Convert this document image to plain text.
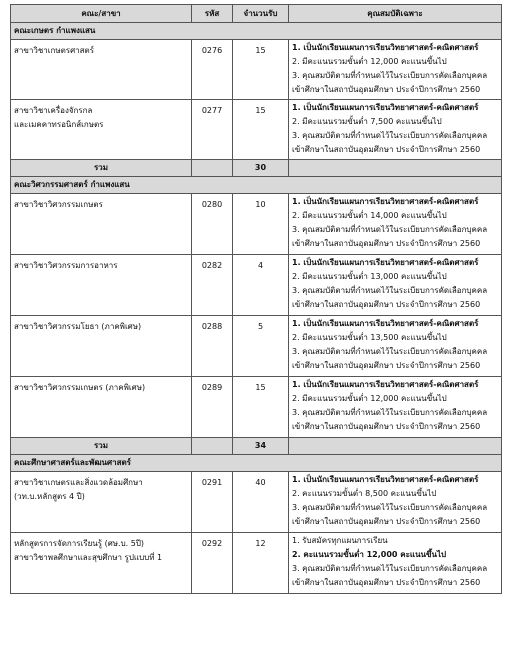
คณะ/สาขา	รหัส	จำนวนรับ	คุณสมบัติเฉพาะ
คณะเกษตร กำแพงแสน			

สาขาวิชาเกษตรศาสตร์	0276	15	1. เป็นนักเรียนแผนการเรียนวิทยาศาสตร์-คณิตศาสตร์
2. มีคะแนนรวมขั้นต่ำ 12,000 คะแนนขึ้นไป
3. คุณสมบัติตามที่กำหนดไว้ในระเบียบการคัดเลือกบุคคล
เข้าศึกษาในสถาบันอุดมศึกษา ประจำปีการศึกษา 2560

สาขาวิชาเครื่องจักรกล
และเมคคาทรอนิกส์เกษตร	0277	15	1. เป็นนักเรียนแผนการเรียนวิทยาศาสตร์-คณิตศาสตร์
2. มีคะแนนรวมขั้นต่ำ 7,500 คะแนนขึ้นไป
3. คุณสมบัติตามที่กำหนดไว้ในระเบียบการคัดเลือกบุคคล
เข้าศึกษาในสถาบันอุดมศึกษา ประจำปีการศึกษา 2560

รวม		30	
คณะวิศวกรรมศาสตร์ กำแพงแสน			

สาขาวิชาวิศวกรรมเกษตร	0280	10	1. เป็นนักเรียนแผนการเรียนวิทยาศาสตร์-คณิตศาสตร์
2. มีคะแนนรวมขั้นต่ำ 14,000 คะแนนขึ้นไป
3. คุณสมบัติตามที่กำหนดไว้ในระเบียบการคัดเลือกบุคคล
เข้าศึกษาในสถาบันอุดมศึกษา ประจำปีการศึกษา 2560

สาขาวิชาวิศวกรรมการอาหาร	0282	4	1. เป็นนักเรียนแผนการเรียนวิทยาศาสตร์-คณิตศาสตร์
2. มีคะแนนรวมขั้นต่ำ 13,000 คะแนนขึ้นไป
3. คุณสมบัติตามที่กำหนดไว้ในระเบียบการคัดเลือกบุคคล
เข้าศึกษาในสถาบันอุดมศึกษา ประจำปีการศึกษา 2560

สาขาวิชาวิศวกรรมโยธา (ภาคพิเศษ)	0288	5	1. เป็นนักเรียนแผนการเรียนวิทยาศาสตร์-คณิตศาสตร์
2. มีคะแนนรวมขั้นต่ำ 13,500 คะแนนขึ้นไป
3. คุณสมบัติตามที่กำหนดไว้ในระเบียบการคัดเลือกบุคคล
เข้าศึกษาในสถาบันอุดมศึกษา ประจำปีการศึกษา 2560

สาขาวิชาวิศวกรรมเกษตร (ภาคพิเศษ)	0289	15	1. เป็นนักเรียนแผนการเรียนวิทยาศาสตร์-คณิตศาสตร์
2. มีคะแนนรวมขั้นต่ำ 12,000 คะแนนขึ้นไป
3. คุณสมบัติตามที่กำหนดไว้ในระเบียบการคัดเลือกบุคคล
เข้าศึกษาในสถาบันอุดมศึกษา ประจำปีการศึกษา 2560

รวม		34	
คณะศึกษาศาสตร์และพัฒนศาสตร์			

สาขาวิชาเกษตรและสิ่งแวดล้อมศึกษา
(วท.บ.หลักสูตร 4 ปี)	0291	40	1. เป็นนักเรียนแผนการเรียนวิทยาศาสตร์-คณิตศาสตร์
2. คะแนนรวมขั้นต่ำ 8,500 คะแนนขึ้นไป
3. คุณสมบัติตามที่กำหนดไว้ในระเบียบการคัดเลือกบุคคล
เข้าศึกษาในสถาบันอุดมศึกษา ประจำปีการศึกษา 2560

หลักสูตรการจัดการเรียนรู้ (ศษ.บ. 5ปี)
สาขาวิชาพลศึกษาและสุขศึกษา รูปแบบที่ 1	0292	12	1. รับสมัครทุกแผนการเรียน
2. คะแนนรวมขั้นต่ำ 12,000 คะแนนขึ้นไป
3. คุณสมบัติตามที่กำหนดไว้ในระเบียบการคัดเลือกบุคคล
เข้าศึกษาในสถาบันอุดมศึกษา ประจำปีการศึกษา 2560
